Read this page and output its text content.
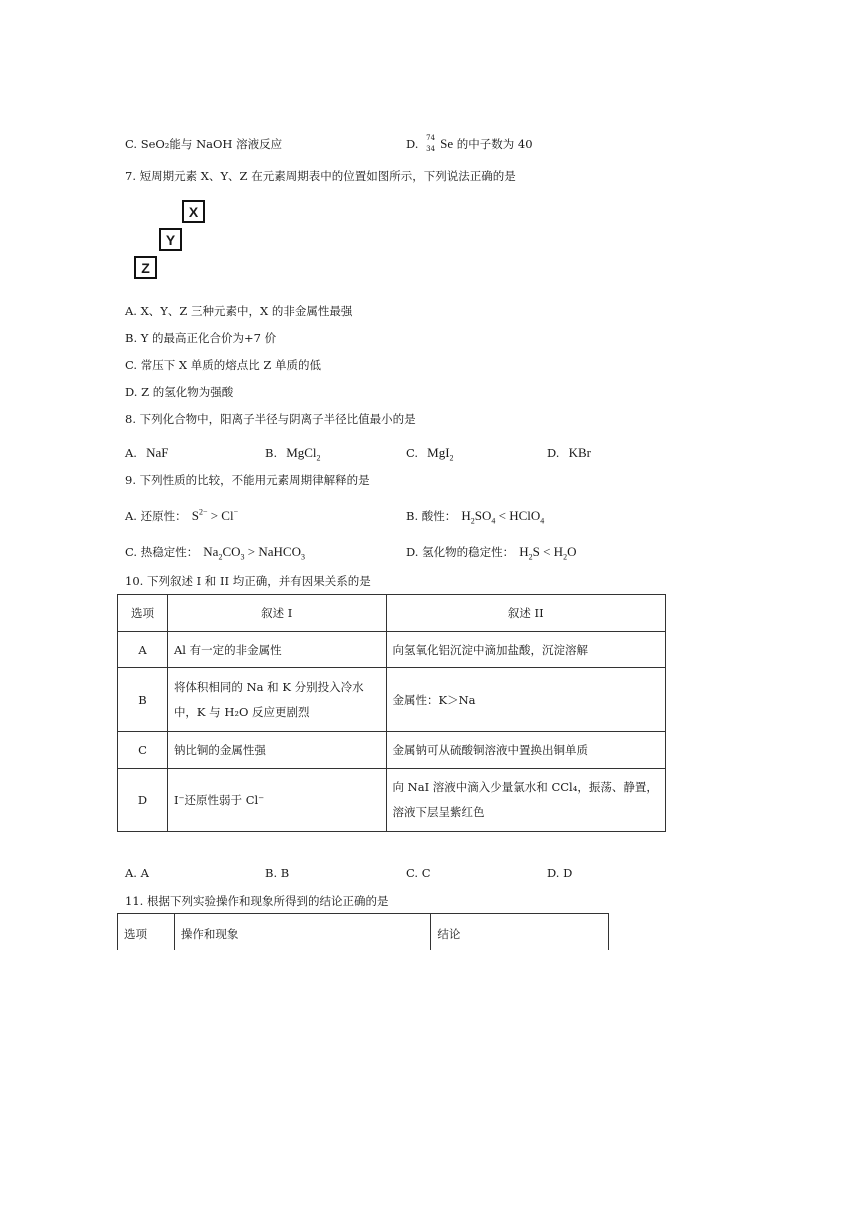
C. SeO₂能与 NaOH 溶液反应	D. 74
34 Se 的中子数为 40
7. 短周期元素 X、Y、Z 在元素周期表中的位置如图所示，下列说法正确的是
X
Y
Z
A. X、Y、Z 三种元素中，X 的非金属性最强
B. Y 的最高正化合价为+7 价
C. 常压下 X 单质的熔点比 Z 单质的低
D. Z 的氢化物为强酸
8. 下列化合物中，阳离子半径与阴离子半径比值最小的是
A. NaF	B. MgCl$_2$	C. MgI$_2$	D. KBr
9. 下列性质的比较，不能用元素周期律解释的是
A. 还原性： $S^{2-} > Cl^-$	B. 酸性： $H_2SO_4$ < HClO$_4$
C. 热稳定性： $Na_2CO_3$ > NaHCO$_3$	D. 氢化物的稳定性： $H_2S < H_2O$
10. 下列叙述 I 和 II 均正确，并有因果关系的是
选项	叙述 I	叙述 II
A	Al 有一定的非金属性	向氢氧化铝沉淀中滴加盐酸，沉淀溶解
B	将体积相同的 Na 和 K 分别投入冷水中，K 与 H₂O 反应更剧烈	金属性：K＞Na
C	钠比铜的金属性强	金属钠可从硫酸铜溶液中置换出铜单质
D	I⁻还原性弱于 Cl⁻	向 NaI 溶液中滴入少量氯水和 CCl₄，振荡、静置，溶液下层呈紫红色
A. A	B. B	C. C	D. D
11. 根据下列实验操作和现象所得到的结论正确的是
选项	操作和现象	结论
